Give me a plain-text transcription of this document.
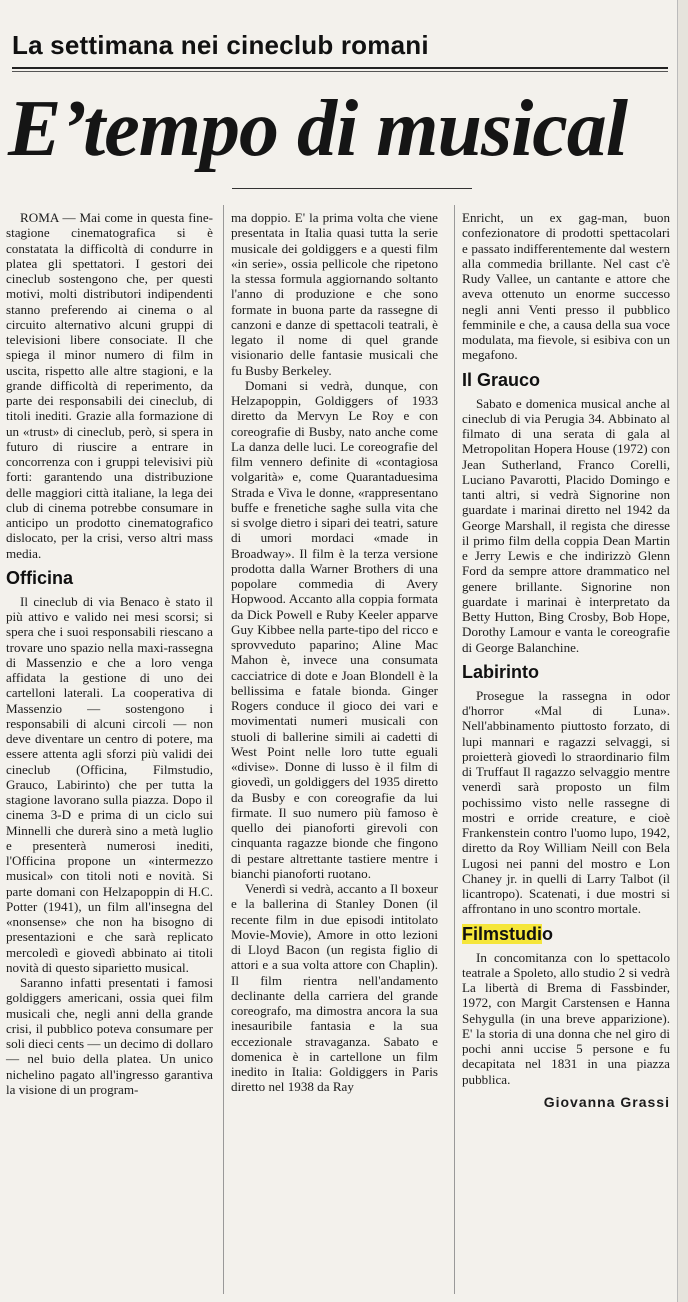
La settimana nei cineclub romani
E’tempo di musical

ROMA — Mai come in questa fine-stagione cinematografica si è constatata la difficoltà di condurre in platea gli spettatori. I gestori dei cineclub sostengono che, per questi motivi, molti distributori indipendenti stanno preferendo ai cinema o al circuito alternativo alcuni gruppi di televisioni libere consociate. Il che spiega il minor numero di film in uscita, rispetto alle altre stagioni, e la grande difficoltà di reperimento, da parte dei responsabili dei cineclub, di titoli inediti. Grazie alla formazione di un «trust» di cineclub, però, si spera in futuro di riuscire a entrare in concorrenza con i gruppi televisivi più forti: garantendo una distribuzione delle maggiori città italiane, la lega dei club di cinema potrebbe consumare in anticipo un prodotto cinematografico dislocato, per la crisi, verso altri mass media.

Officina

Il cineclub di via Benaco è stato il più attivo e valido nei mesi scorsi; si spera che i suoi responsabili riescano a trovare uno spazio nella maxi-rassegna di Massenzio e che a loro venga affidata la gestione di uno dei cartelloni laterali. La cooperativa di Massenzio — sostengono i responsabili di alcuni circoli — non deve diventare un centro di potere, ma essere attenta agli sforzi più validi dei cineclub (Officina, Filmstudio, Grauco, Labirinto) che per tutta la stagione lavorano sulla piazza. Dopo il cinema 3-D e prima di un ciclo sui Minnelli che durerà sino a metà luglio e presenterà numerosi inediti, l'Officina propone un «intermezzo musical» con titoli noti e novità. Si parte domani con Helzapoppin di H.C. Potter (1941), un film all'insegna del «nonsense» che non ha bisogno di presentazioni e che sarà replicato mercoledì e giovedì abbinato ai titoli novità di questo siparietto musical.

Saranno infatti presentati i famosi goldiggers americani, ossia quei film musicali che, negli anni della grande crisi, il pubblico poteva consumare per soli dieci cents — un decimo di dollaro — nel buio della platea. Un unico nichelino pagato all'ingresso garantiva la visione di un program-

ma doppio. E' la prima volta che viene presentata in Italia quasi tutta la serie musicale dei goldiggers e a questi film «in serie», ossia pellicole che ripetono la stessa formula aggiornando soltanto l'anno di produzione e che sono formate in buona parte da rassegne di canzoni e danze di spettacoli teatrali, è legato il nome di quel grande visionario delle fantasie musicali che fu Busby Berkeley.

Domani si vedrà, dunque, con Helzapoppin, Goldiggers of 1933 diretto da Mervyn Le Roy e con coreografie di Busby, nato anche come La danza delle luci. Le coreografie del film vennero definite di «contagiosa volgarità» e, come Quarantaduesima Strada e Viva le donne, «rappresentano buffe e frenetiche saghe sulla vita che si svolge dietro i sipari dei teatri, sature di umori mordaci «made in Broadway». Il film è la terza versione prodotta dalla Warner Brothers di una popolare commedia di Avery Hopwood. Accanto alla coppia formata da Dick Powell e Ruby Keeler apparve Guy Kibbee nella parte-tipo del ricco e sprovveduto paparino; Aline Mac Mahon è, invece una consumata cacciatrice di dote e Joan Blondell è la bellissima e fatale bionda. Ginger Rogers conduce il gioco dei vari e movimentati numeri musicali con stuoli di ballerine simili ai cadetti di West Point nelle loro tutte eguali «divise». Donne di lusso è il film di giovedì, un goldiggers del 1935 diretto da Busby e con coreografie da lui firmate. Il suo numero più famoso è quello dei pianoforti girevoli con cinquanta ragazze bionde che fingono di pestare altrettante tastiere mentre i bianchi pianoforti ruotano.

Venerdì si vedrà, accanto a Il boxeur e la ballerina di Stanley Donen (il recente film in due episodi intitolato Movie-Movie), Amore in otto lezioni di Lloyd Bacon (un regista figlio di attori e a sua volta attore con Chaplin). Il film rientra nell'andamento declinante della carriera del grande coreografo, ma dimostra ancora la sua inesauribile fantasia e la sua eccezionale stravaganza. Sabato e domenica è in cartellone un film inedito in Italia: Goldiggers in Paris diretto nel 1938 da Ray

Enricht, un ex gag-man, buon confezionatore di prodotti spettacolari e passato indifferentemente dal western alla commedia brillante. Nel cast c'è Rudy Vallee, un cantante e attore che aveva ottenuto un enorme successo negli anni Venti presso il pubblico femminile e che, a causa della sua voce modulata, ma fievole, si esibiva con un megafono.

Il Grauco

Sabato e domenica musical anche al cineclub di via Perugia 34. Abbinato al filmato di una serata di gala al Metropolitan Hopera House (1972) con Jean Sutherland, Franco Corelli, Luciano Pavarotti, Placido Domingo e tanti altri, si vedrà Signorine non guardate i marinai diretto nel 1942 da George Marshall, il regista che diresse il primo film della coppia Dean Martin e Jerry Lewis e che indirizzò Glenn Ford da sempre attore drammatico nel genere brillante. Signorine non guardate i marinai è interpretato da Betty Hutton, Bing Crosby, Bob Hope, Dorothy Lamour e vanta le coreografie di George Balanchine.

Labirinto

Prosegue la rassegna in odor d'horror «Mal di Luna». Nell'abbinamento piuttosto forzato, di lupi mannari e ragazzi selvaggi, si proietterà giovedì lo straordinario film di Truffaut Il ragazzo selvaggio mentre venerdì sarà proposto un film pochissimo visto nelle rassegne di mostri e orride creature, e cioè Frankenstein contro l'uomo lupo, 1942, diretto da Roy William Neill con Bela Lugosi nei panni del mostro e Lon Chaney jr. in quelli di Larry Talbot (il licantropo). Scatenati, i due mostri si affrontano in uno scontro mortale.

Filmstudio

In concomitanza con lo spettacolo teatrale a Spoleto, allo studio 2 si vedrà La libertà di Brema di Fassbinder, 1972, con Margit Carstensen e Hanna Sehygulla (in una breve apparizione). E' la storia di una donna che nel giro di pochi anni uccise 5 persone e fu decapitata nel 1831 in una piazza pubblica.

Giovanna Grassi
